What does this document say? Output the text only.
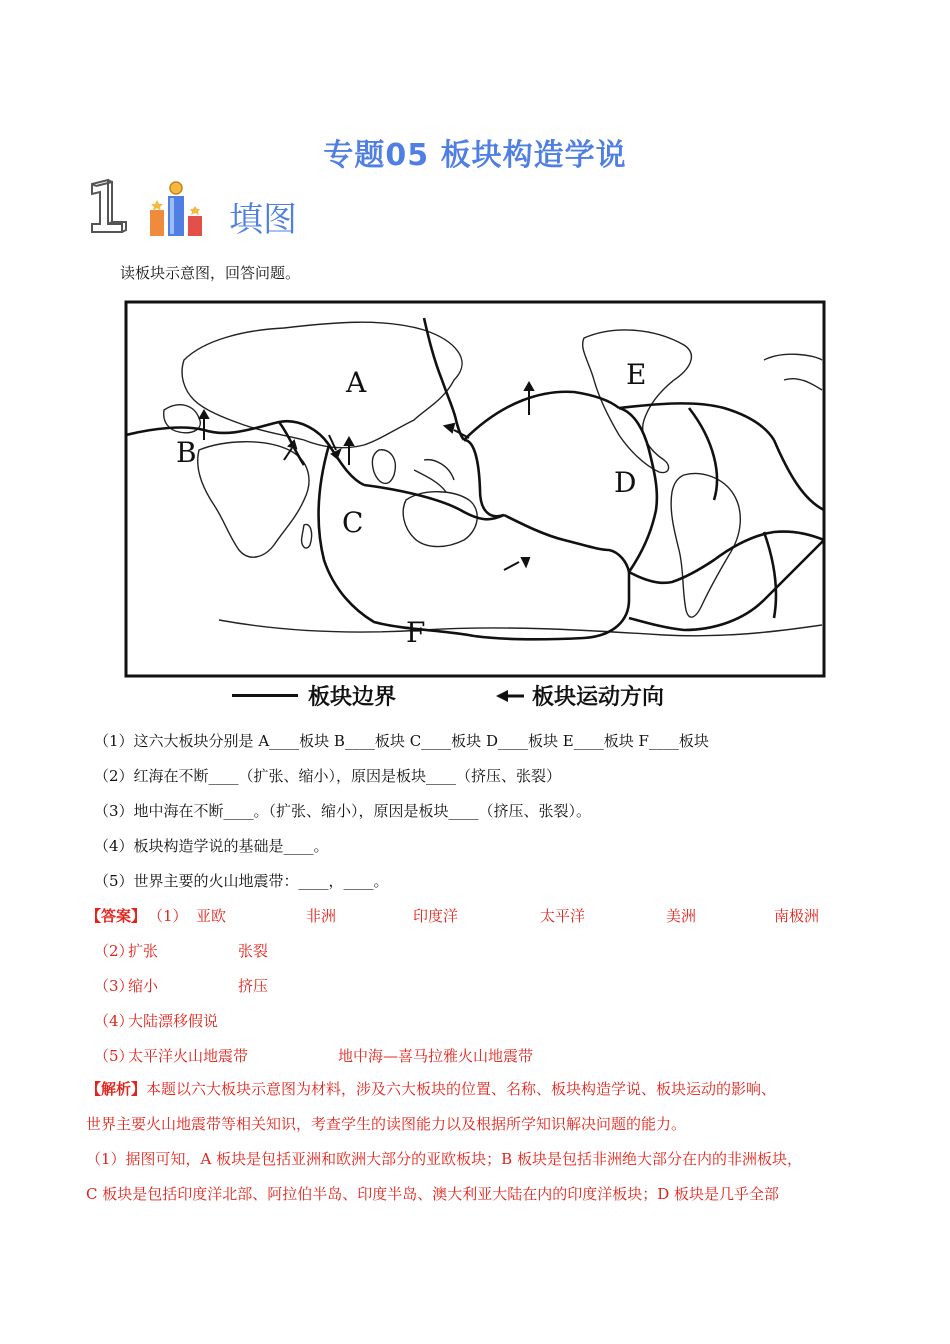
专题05 板块构造学说
填图
读板块示意图，回答问题。
A
B
C
D
E
F
板块边界	板块运动方向
（1）这六大板块分别是 A____板块 B____板块 C____板块 D____板块 E____板块 F____板块
（2）红海在不断____（扩张、缩小），原因是板块____（挤压、张裂）
（3）地中海在不断____。（扩张、缩小），原因是板块____（挤压、张裂）。
（4）板块构造学说的基础是____。
（5）世界主要的火山地震带：____，____。
【答案】 （1） 亚欧	非洲	印度洋	太平洋	美洲	南极洲
（2）
扩张	张裂
（3）
缩小	挤压
（4）
大陆漂移假说
（5）
太平洋火山地震带	地中海—喜马拉雅火山地震带
【解析】本题以六大板块示意图为材料，涉及六大板块的位置、名称、板块构造学说、板块运动的影响、
世界主要火山地震带等相关知识，考查学生的读图能力以及根据所学知识解决问题的能力。
（1）据图可知，A 板块是包括亚洲和欧洲大部分的亚欧板块；B 板块是包括非洲绝大部分在内的非洲板块，
C 板块是包括印度洋北部、阿拉伯半岛、印度半岛、澳大利亚大陆在内的印度洋板块；D 板块是几乎全部
